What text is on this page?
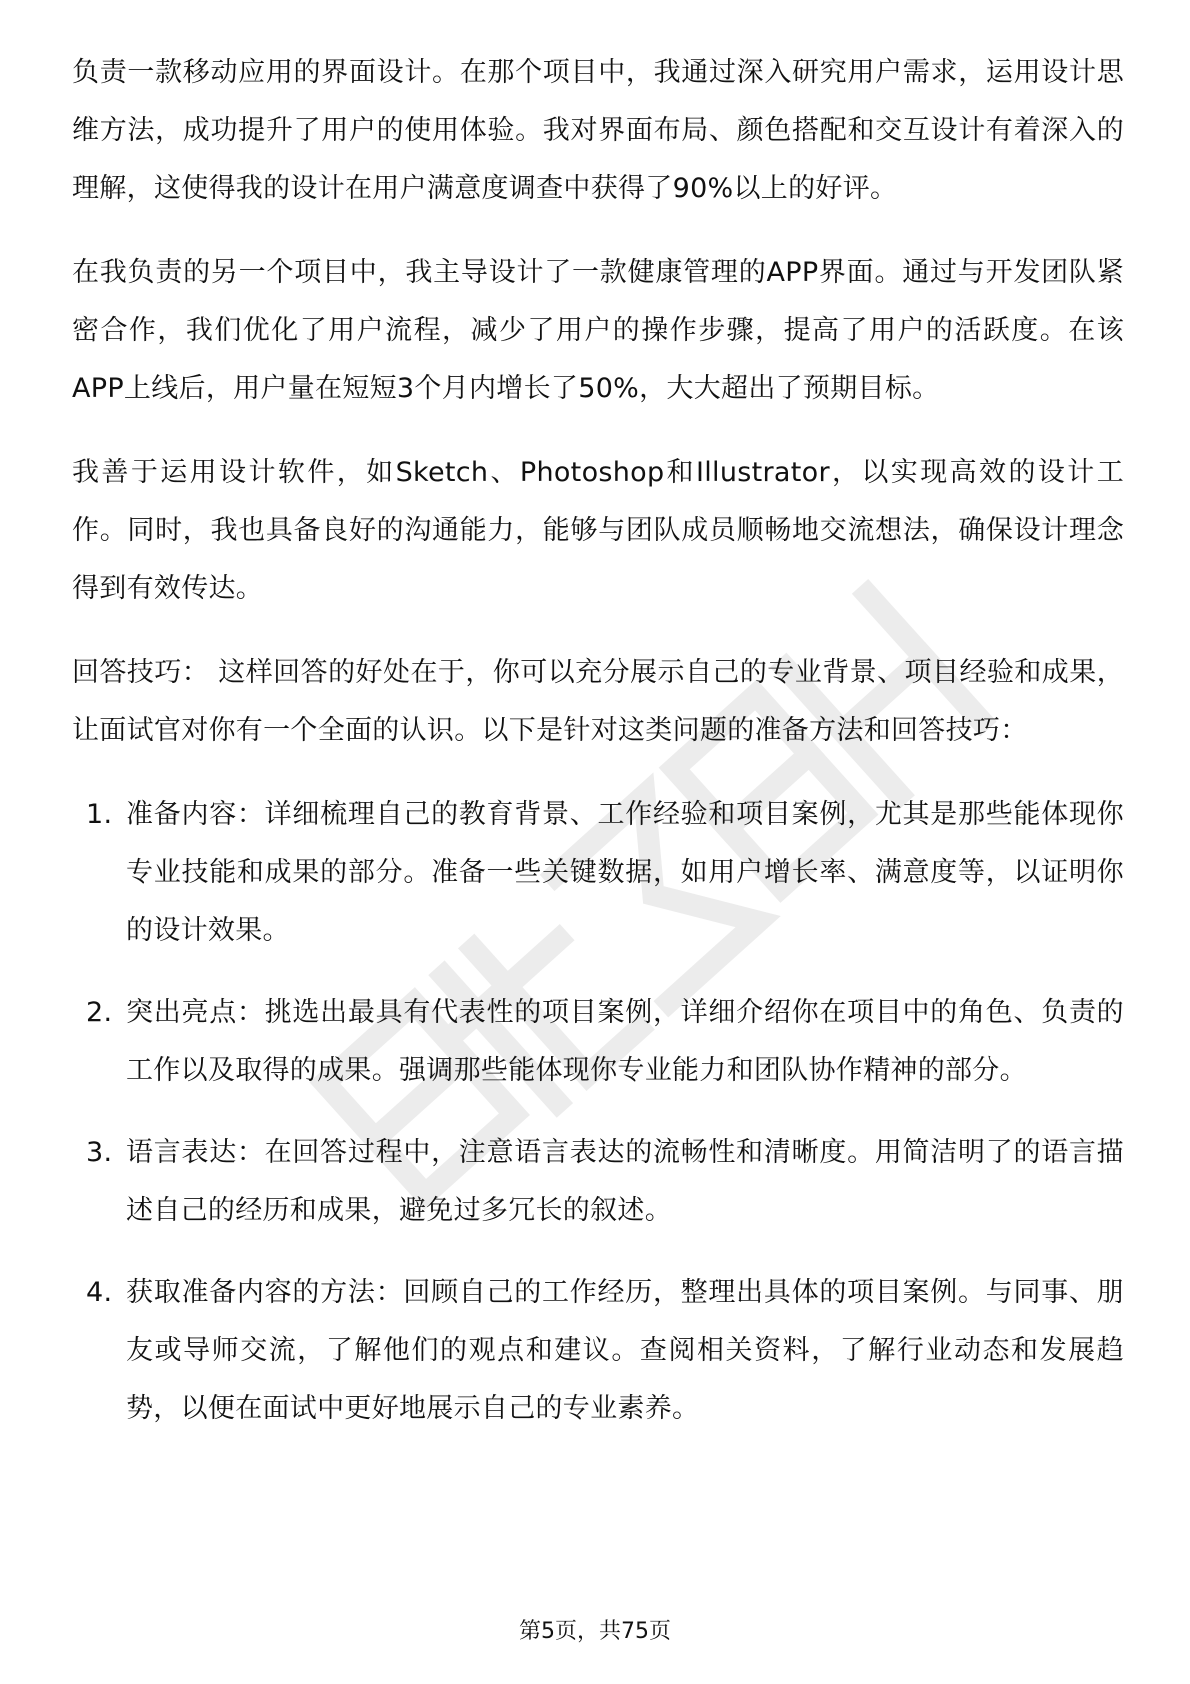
负责一款移动应用的界面设计。在那个项目中，我通过深入研究用户需求，运用设计思维方法，成功提升了用户的使用体验。我对界面布局、颜色搭配和交互设计有着深入的理解，这使得我的设计在用户满意度调查中获得了90%以上的好评。

在我负责的另一个项目中，我主导设计了一款健康管理的APP界面。通过与开发团队紧密合作，我们优化了用户流程，减少了用户的操作步骤，提高了用户的活跃度。在该APP上线后，用户量在短短3个月内增长了50%，大大超出了预期目标。

我善于运用设计软件，如Sketch、Photoshop和Illustrator，以实现高效的设计工作。同时，我也具备良好的沟通能力，能够与团队成员顺畅地交流想法，确保设计理念得到有效传达。

回答技巧： 这样回答的好处在于，你可以充分展示自己的专业背景、项目经验和成果，让面试官对你有一个全面的认识。以下是针对这类问题的准备方法和回答技巧：

1. 准备内容：详细梳理自己的教育背景、工作经验和项目案例，尤其是那些能体现你专业技能和成果的部分。准备一些关键数据，如用户增长率、满意度等，以证明你的设计效果。
2. 突出亮点：挑选出最具有代表性的项目案例，详细介绍你在项目中的角色、负责的工作以及取得的成果。强调那些能体现你专业能力和团队协作精神的部分。
3. 语言表达：在回答过程中，注意语言表达的流畅性和清晰度。用简洁明了的语言描述自己的经历和成果，避免过多冗长的叙述。
4. 获取准备内容的方法：回顾自己的工作经历，整理出具体的项目案例。与同事、朋友或导师交流，了解他们的观点和建议。查阅相关资料，了解行业动态和发展趋势，以便在面试中更好地展示自己的专业素养。
第5页，共75页
